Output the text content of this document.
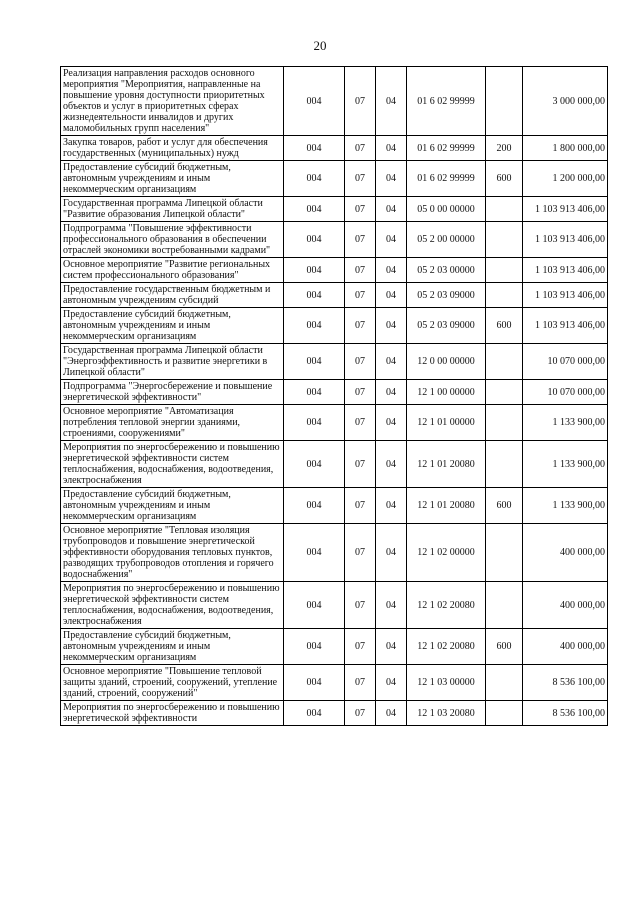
20
Реализация направления расходов основного мероприятия "Мероприятия, направленные на повышение уровня доступности приоритетных объектов и услуг в приоритетных сферах жизнедеятельности инвалидов и других маломобильных групп населения"	004	07	04	01 6 02 99999		3 000 000,00
Закупка товаров, работ и услуг для обеспечения государственных (муниципальных) нужд	004	07	04	01 6 02 99999	200	1 800 000,00
Предоставление субсидий бюджетным, автономным учреждениям и иным некоммерческим организациям	004	07	04	01 6 02 99999	600	1 200 000,00
Государственная программа Липецкой области "Развитие образования Липецкой области"	004	07	04	05 0 00 00000		1 103 913 406,00
Подпрограмма "Повышение эффективности профессионального образования в обеспечении отраслей экономики востребованными кадрами"	004	07	04	05 2 00 00000		1 103 913 406,00
Основное мероприятие "Развитие региональных систем профессионального образования"	004	07	04	05 2 03 00000		1 103 913 406,00
Предоставление государственным бюджетным и автономным учреждениям субсидий	004	07	04	05 2 03 09000		1 103 913 406,00
Предоставление субсидий бюджетным, автономным учреждениям и иным некоммерческим организациям	004	07	04	05 2 03 09000	600	1 103 913 406,00
Государственная программа Липецкой области "Энергоэффективность и развитие энергетики в Липецкой области"	004	07	04	12 0 00 00000		10 070 000,00
Подпрограмма "Энергосбережение и повышение энергетической эффективности"	004	07	04	12 1 00 00000		10 070 000,00
Основное мероприятие "Автоматизация потребления тепловой энергии зданиями, строениями, сооружениями"	004	07	04	12 1 01 00000		1 133 900,00
Мероприятия по энергосбережению и повышению энергетической эффективности систем теплоснабжения, водоснабжения, водоотведения, электроснабжения	004	07	04	12 1 01 20080		1 133 900,00
Предоставление субсидий бюджетным, автономным учреждениям и иным некоммерческим организациям	004	07	04	12 1 01 20080	600	1 133 900,00
Основное мероприятие "Тепловая изоляция трубопроводов и повышение энергетической эффективности оборудования тепловых пунктов, разводящих трубопроводов отопления и горячего водоснабжения"	004	07	04	12 1 02 00000		400 000,00
Мероприятия по энергосбережению и повышению энергетической эффективности систем теплоснабжения, водоснабжения, водоотведения, электроснабжения	004	07	04	12 1 02 20080		400 000,00
Предоставление субсидий бюджетным, автономным учреждениям и иным некоммерческим организациям	004	07	04	12 1 02 20080	600	400 000,00
Основное мероприятие "Повышение тепловой защиты зданий, строений, сооружений, утепление зданий, строений, сооружений"	004	07	04	12 1 03 00000		8 536 100,00
Мероприятия по энергосбережению и повышению энергетической эффективности	004	07	04	12 1 03 20080		8 536 100,00
